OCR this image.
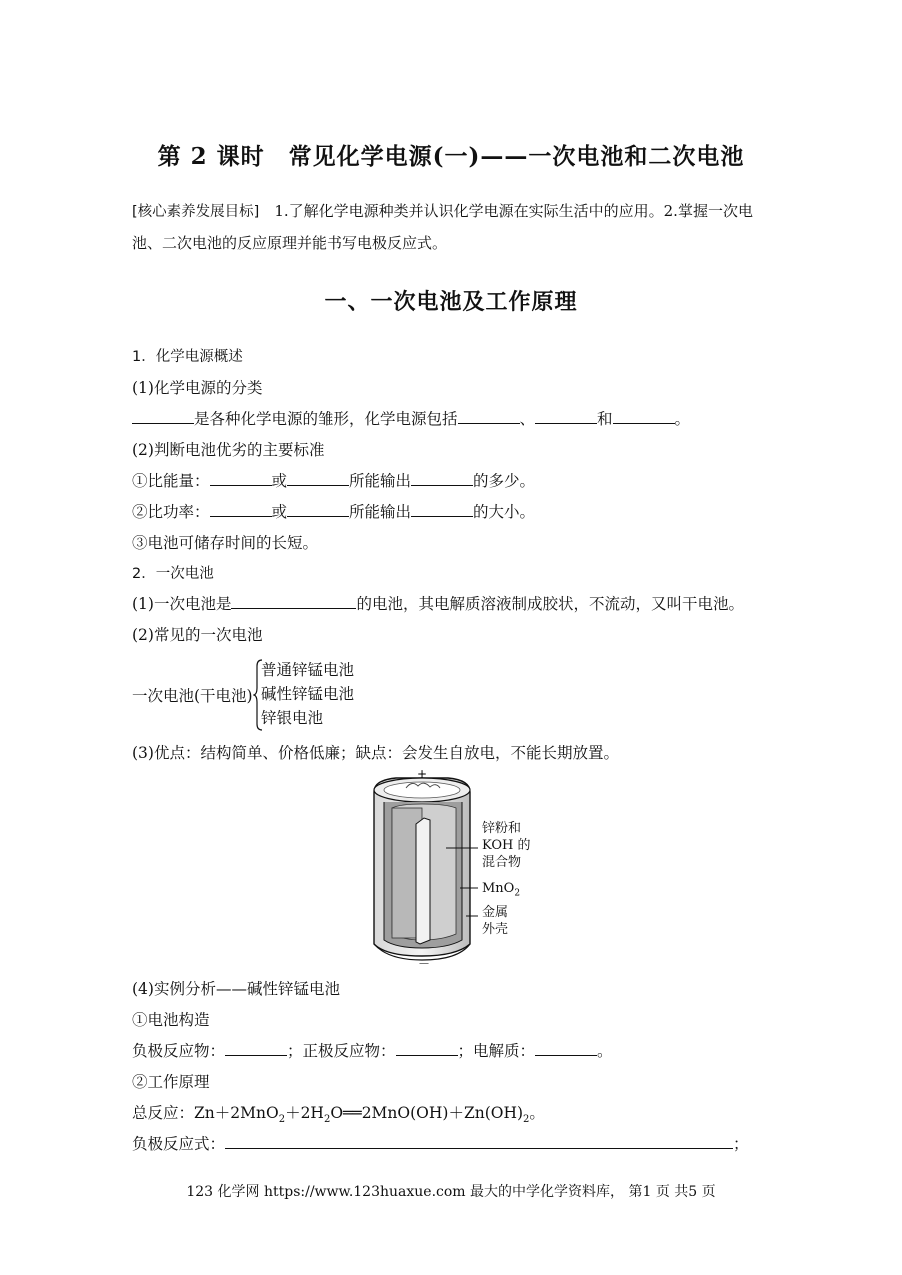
第 2 课时　常见化学电源(一)——一次电池和二次电池
[核心素养发展目标]　1.了解化学电源种类并认识化学电源在实际生活中的应用。2.掌握一次电池、二次电池的反应原理并能书写电极反应式。
一、一次电池及工作原理
1．化学电源概述
(1)化学电源的分类
是各种化学电源的雏形，化学电源包括	、	和	。
(2)判断电池优劣的主要标准
①比能量：	或	所能输出	的多少。
②比功率：	或	所能输出	的大小。
③电池可储存时间的长短。
2．一次电池
(1)一次电池是	的电池，其电解质溶液制成胶状，不流动，又叫干电池。
(2)常见的一次电池
一次电池(干电池)
普通锌锰电池
碱性锌锰电池
锌银电池
(3)优点：结构简单、价格低廉；缺点：会发生自放电，不能长期放置。
+
－
锌粉和
KOH 的
混合物
MnO$_2$
金属
外壳
(4)实例分析——碱性锌锰电池
①电池构造
负极反应物：	；正极反应物：	；电解质：	。
②工作原理
总反应：$Zn+2MnO_2+2H_2O══2MnO(OH)+Zn(OH)_2$。
负极反应式：	；
123 化学网 https://www.123huaxue.com 最大的中学化学资料库， 第1 页 共5 页
